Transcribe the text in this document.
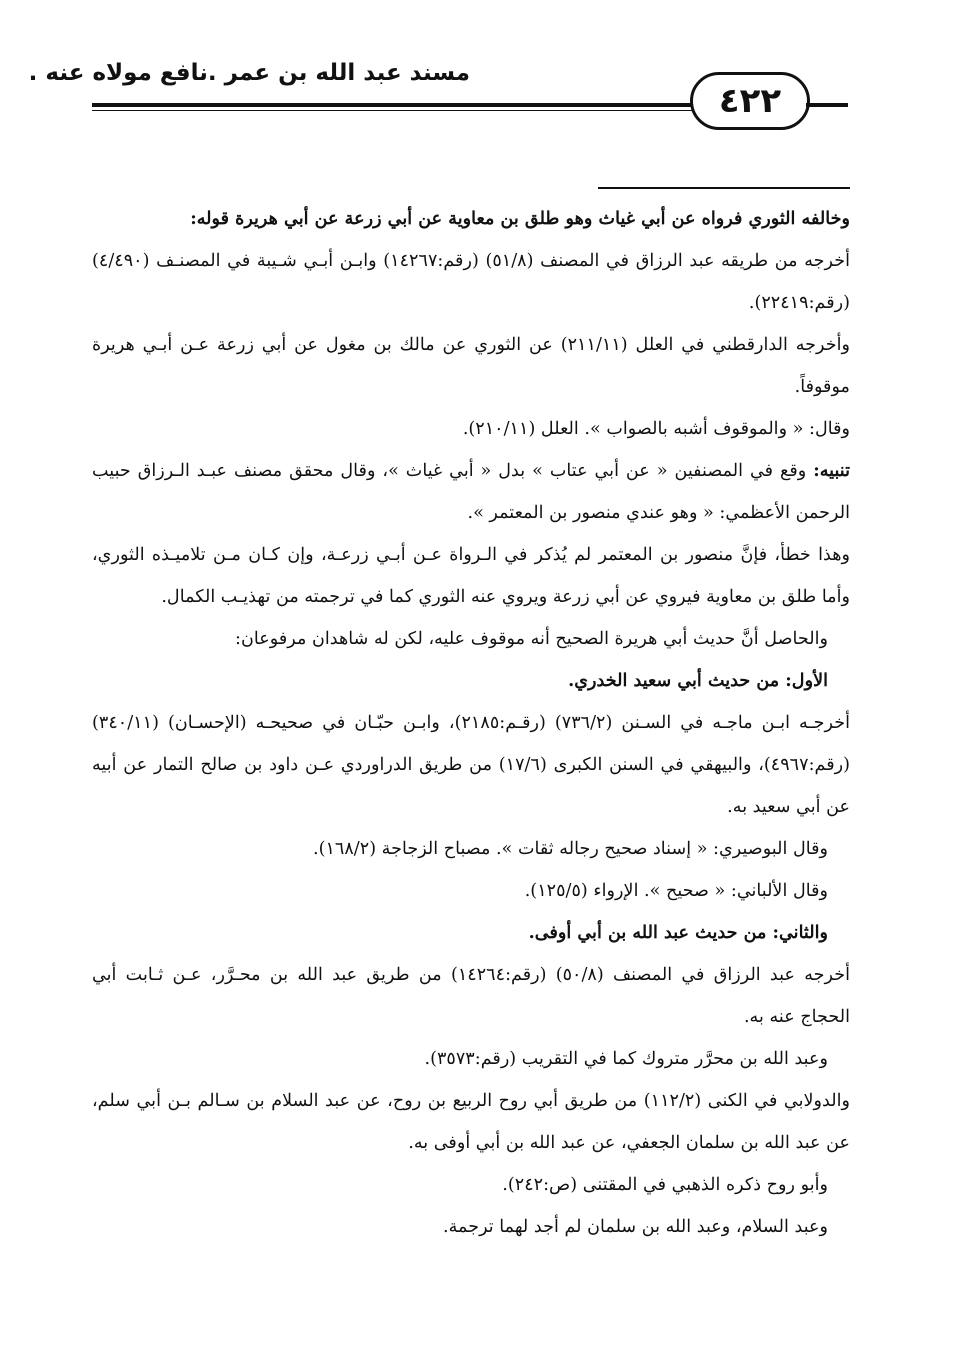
مسند عبد الله بن عمر .نافع مولاه عنه .
٤٢٢

وخالفه الثوري فرواه عن أبي غياث وهو طلق بن معاوية عن أبي زرعة عن أبي هريرة قوله:

أخرجه من طريقه عبد الرزاق في المصنف (٥١/٨) (رقم:١٤٢٦٧) وابـن أبـي شـيبة في المصنـف (٤/٤٩٠) (رقم:٢٢٤١٩).

وأخرجه الدارقطني في العلل (٢١١/١١) عن الثوري عن مالك بن مغول عن أبي زرعة عـن أبـي هريرة موقوفاً.

وقال: « والموقوف أشبه بالصواب ». العلل (٢١٠/١١).

تنبيه: وقع في المصنفين « عن أبي عتاب » بدل « أبي غياث »، وقال محقق مصنف عبـد الـرزاق حبيب الرحمن الأعظمي: « وهو عندي منصور بن المعتمر ».

وهذا خطأ، فإنَّ منصور بن المعتمر لم يُذكر في الـرواة عـن أبـي زرعـة، وإن كـان مـن تلاميـذه الثوري، وأما طلق بن معاوية فيروي عن أبي زرعة ويروي عنه الثوري كما في ترجمته من تهذيـب الكمال.

والحاصل أنَّ حديث أبي هريرة الصحيح أنه موقوف عليه، لكن له شاهدان مرفوعان:

الأول: من حديث أبي سعيد الخدري.

أخرجـه ابـن ماجـه في السـنن (٧٣٦/٢) (رقـم:٢١٨٥)، وابـن حبّـان في صحيحـه (الإحسـان) (٣٤٠/١١) (رقم:٤٩٦٧)، والبيهقي في السنن الكبرى (١٧/٦) من طريق الدراوردي عـن داود بن صالح التمار عن أبيه عن أبي سعيد به.

وقال البوصيري: « إسناد صحيح رجاله ثقات ». مصباح الزجاجة (١٦٨/٢).

وقال الألباني: « صحيح ». الإرواء (١٢٥/٥).

والثاني: من حديث عبد الله بن أبي أوفى.

أخرجه عبد الرزاق في المصنف (٥٠/٨) (رقم:١٤٢٦٤) من طريق عبد الله بن محـرَّر، عـن ثـابت أبي الحجاج عنه به.

وعبد الله بن محرَّر متروك كما في التقريب (رقم:٣٥٧٣).

والدولابي في الكنى (١١٢/٢) من طريق أبي روح الربيع بن روح، عن عبد السلام بن سـالم بـن أبي سلم، عن عبد الله بن سلمان الجعفي، عن عبد الله بن أبي أوفى به.

وأبو روح ذكره الذهبي في المقتنى (ص:٢٤٢).

وعبد السلام، وعبد الله بن سلمان لم أجد لهما ترجمة.
